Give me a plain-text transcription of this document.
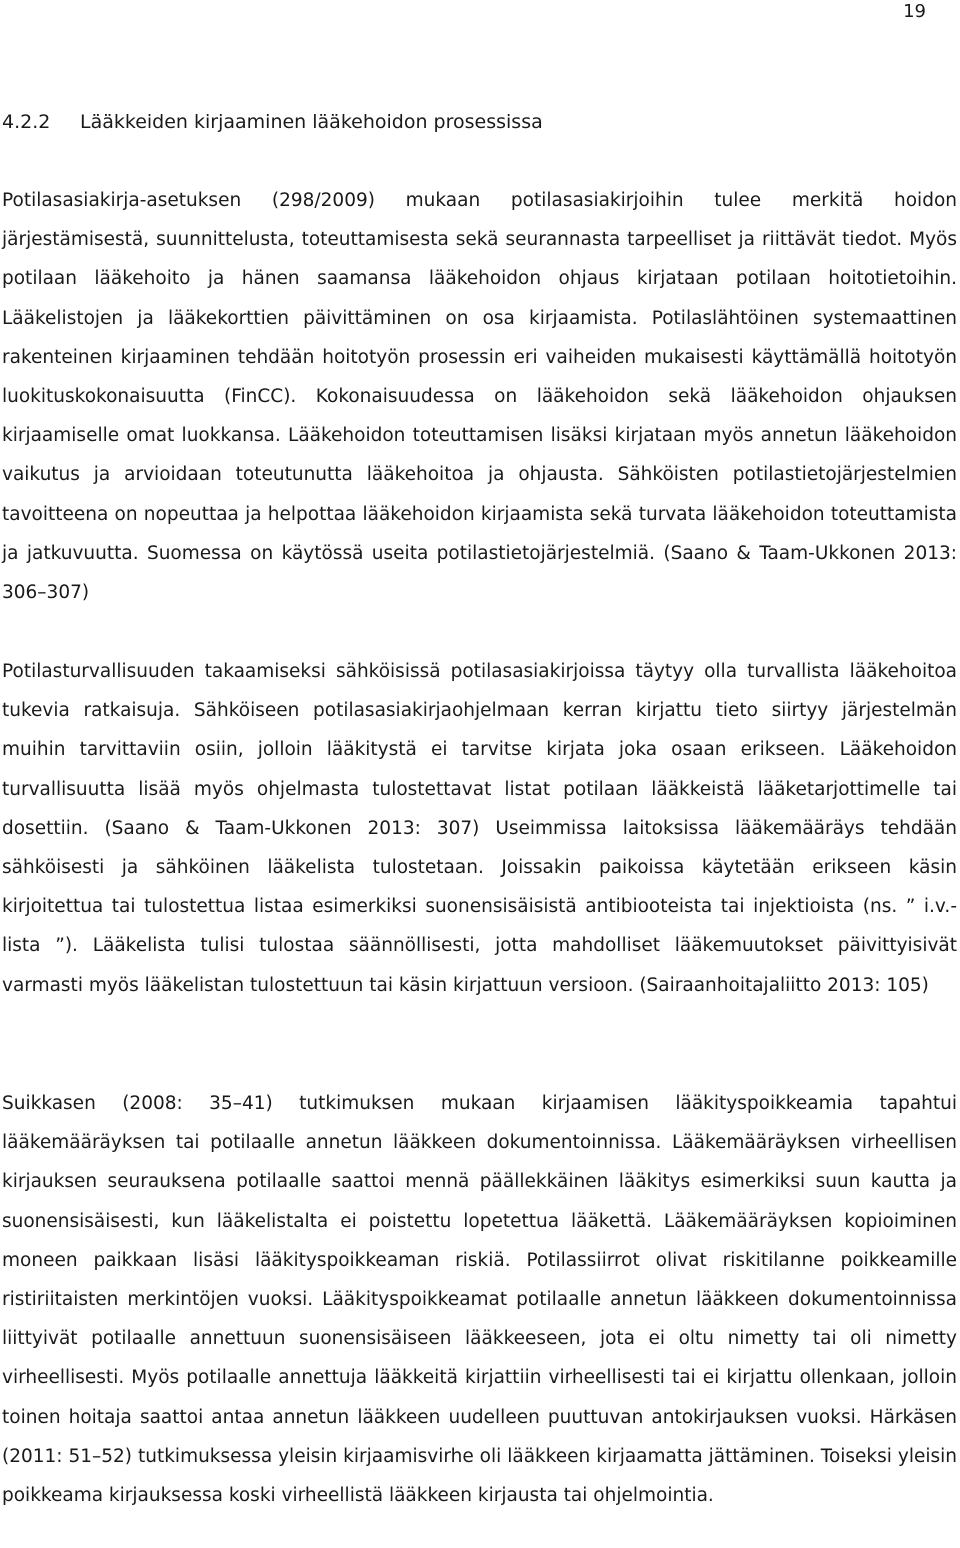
19
4.2.2 Lääkkeiden kirjaaminen lääkehoidon prosessissa

Potilasasiakirja-asetuksen (298/2009) mukaan potilasasiakirjoihin tulee merkitä hoidon järjestämisestä, suunnittelusta, toteuttamisesta sekä seurannasta tarpeelliset ja riittävät tiedot. Myös potilaan lääkehoito ja hänen saamansa lääkehoidon ohjaus kirjataan potilaan hoitotietoihin. Lääkelistojen ja lääkekorttien päivittäminen on osa kirjaamista. Potilaslähtöinen systemaattinen rakenteinen kirjaaminen tehdään hoitotyön prosessin eri vaiheiden mukaisesti käyttämällä hoitotyön luokituskokonaisuutta (FinCC). Kokonaisuudessa on lääkehoidon sekä lääkehoidon ohjauksen kirjaamiselle omat luokkansa. Lääkehoidon toteuttamisen lisäksi kirjataan myös annetun lääkehoidon vaikutus ja arvioidaan toteutunutta lääkehoitoa ja ohjausta. Sähköisten potilastietojärjestelmien tavoitteena on nopeuttaa ja helpottaa lääkehoidon kirjaamista sekä turvata lääkehoidon toteuttamista ja jatkuvuutta. Suomessa on käytössä useita potilastietojärjestelmiä. (Saano & Taam-Ukkonen 2013: 306–307)

Potilasturvallisuuden takaamiseksi sähköisissä potilasasiakirjoissa täytyy olla turvallista lääkehoitoa tukevia ratkaisuja. Sähköiseen potilasasiakirjaohjelmaan kerran kirjattu tieto siirtyy järjestelmän muihin tarvittaviin osiin, jolloin lääkitystä ei tarvitse kirjata joka osaan erikseen. Lääkehoidon turvallisuutta lisää myös ohjelmasta tulostettavat listat potilaan lääkkeistä lääketarjottimelle tai dosettiin. (Saano & Taam-Ukkonen 2013: 307) Useimmissa laitoksissa lääkemääräys tehdään sähköisesti ja sähköinen lääkelista tulostetaan. Joissakin paikoissa käytetään erikseen käsin kirjoitettua tai tulostettua listaa esimerkiksi suonensisäisistä antibiooteista tai injektioista (ns. ” i.v.-lista ”). Lääkelista tulisi tulostaa säännöllisesti, jotta mahdolliset lääkemuutokset päivittyisivät varmasti myös lääkelistan tulostettuun tai käsin kirjattuun versioon. (Sairaanhoitajaliitto 2013: 105)

Suikkasen (2008: 35–41) tutkimuksen mukaan kirjaamisen lääkityspoikkeamia tapahtui lääkemääräyksen tai potilaalle annetun lääkkeen dokumentoinnissa. Lääkemääräyksen virheellisen kirjauksen seurauksena potilaalle saattoi mennä päällekkäinen lääkitys esimerkiksi suun kautta ja suonensisäisesti, kun lääkelistalta ei poistettu lopetettua lääkettä. Lääkemääräyksen kopioiminen moneen paikkaan lisäsi lääkityspoikkeaman riskiä. Potilassiirrot olivat riskitilanne poikkeamille ristiriitaisten merkintöjen vuoksi. Lääkityspoikkeamat potilaalle annetun lääkkeen dokumentoinnissa liittyivät potilaalle annettuun suonensisäiseen lääkkeeseen, jota ei oltu nimetty tai oli nimetty virheellisesti. Myös potilaalle annettuja lääkkeitä kirjattiin virheellisesti tai ei kirjattu ollenkaan, jolloin toinen hoitaja saattoi antaa annetun lääkkeen uudelleen puuttuvan antokirjauksen vuoksi. Härkäsen (2011: 51–52) tutkimuksessa yleisin kirjaamisvirhe oli lääkkeen kirjaamatta jättäminen. Toiseksi yleisin poikkeama kirjauksessa koski virheellistä lääkkeen kirjausta tai ohjelmointia.
